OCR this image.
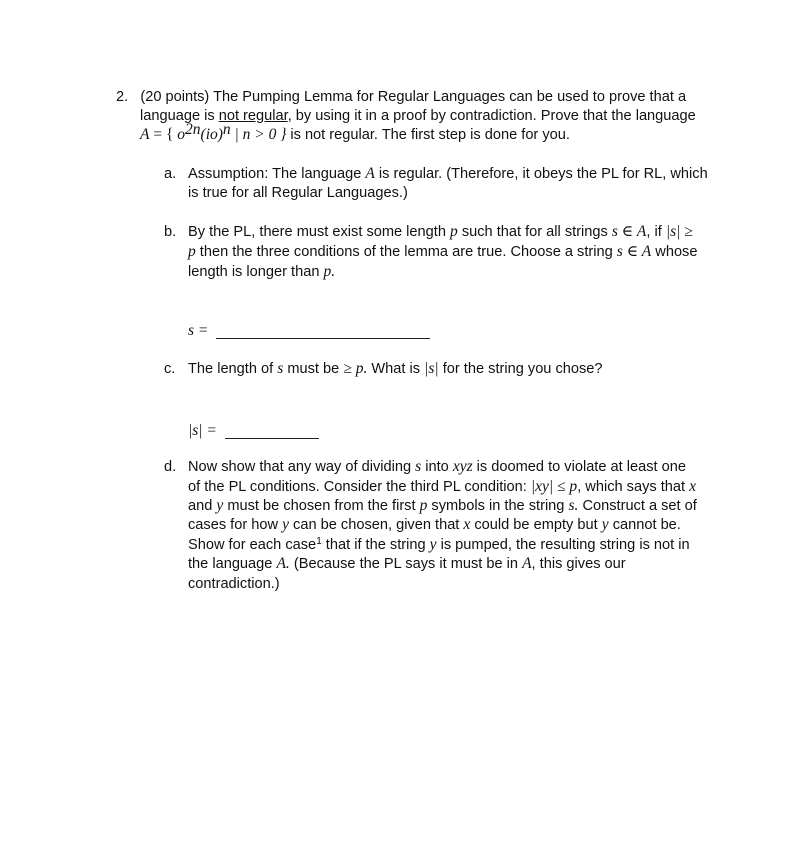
2. (20 points) The Pumping Lemma for Regular Languages can be used to prove that a
language is not regular, by using it in a proof by contradiction. Prove that the language
A = { $o^{2n}(io)^n$ | n > 0 } is not regular. The first step is done for you.
a. Assumption: The language A is regular. (Therefore, it obeys the PL for RL, which
is true for all Regular Languages.)
b. By the PL, there must exist some length p such that for all strings s ∈ A, if |s| ≥
p then the three conditions of the lemma are true. Choose a string s ∈ A whose
length is longer than p.
s =
c. The length of s must be ≥ p. What is |s| for the string you chose?
|s| =
d. Now show that any way of dividing s into xyz is doomed to violate at least one
of the PL conditions. Consider the third PL condition: |xy| ≤ p, which says that x
and y must be chosen from the first p symbols in the string s. Construct a set of
cases for how y can be chosen, given that x could be empty but y cannot be.
Show for each case$^1$ that if the string y is pumped, the resulting string is not in
the language A. (Because the PL says it must be in A, this gives our
contradiction.)
